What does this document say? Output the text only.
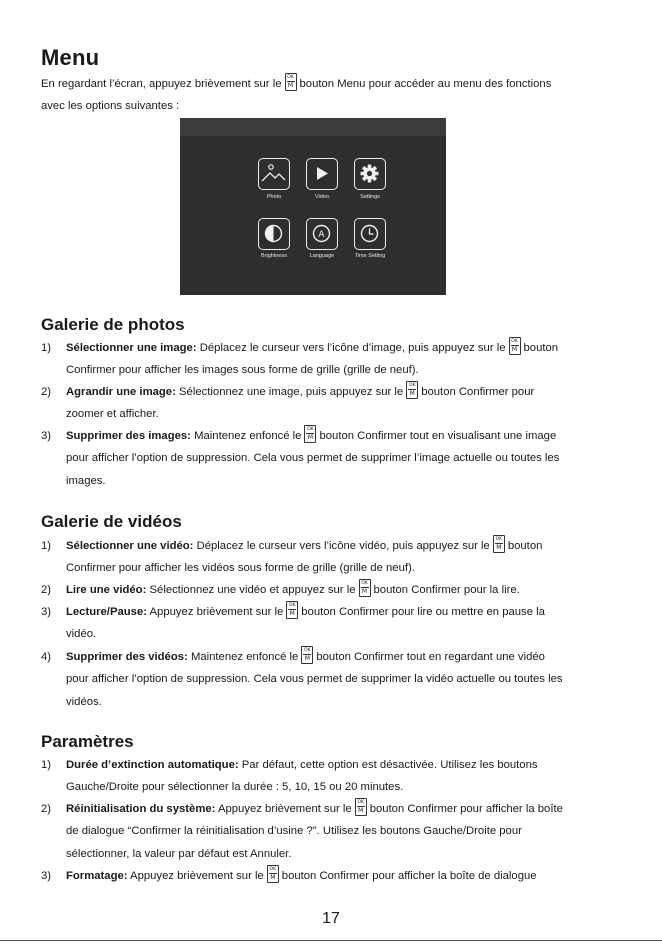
Menu
En regardant l’écran, appuyez brièvement sur le OK M bouton Menu pour accéder au menu des fonctions
avec les options suivantes :
Photo	Video	Settings
Brightness
A
Language	Time Setting
Galerie de photos
1) Sélectionner une image: Déplacez le curseur vers l’icône d’image, puis appuyez sur le OK M bouton
Confirmer pour afficher les images sous forme de grille (grille de neuf).
2) Agrandir une image: Sélectionnez une image, puis appuyez sur le OK M bouton Confirmer pour
zoomer et afficher.
3) Supprimer des images: Maintenez enfoncé le OK M bouton Confirmer tout en visualisant une image
pour afficher l’option de suppression. Cela vous permet de supprimer l’image actuelle ou toutes les
images.
Galerie de vidéos
1) Sélectionner une vidéo: Déplacez le curseur vers l’icône vidéo, puis appuyez sur le OK M bouton
Confirmer pour afficher les vidéos sous forme de grille (grille de neuf).
2) Lire une vidéo: Sélectionnez une vidéo et appuyez sur le OK M bouton Confirmer pour la lire.
3) Lecture/Pause: Appuyez brièvement sur le OK M bouton Confirmer pour lire ou mettre en pause la
vidéo.
4) Supprimer des vidéos: Maintenez enfoncé le OK M bouton Confirmer tout en regardant une vidéo
pour afficher l’option de suppression. Cela vous permet de supprimer la vidéo actuelle ou toutes les
vidéos.
Paramètres
1) Durée d’extinction automatique: Par défaut, cette option est désactivée. Utilisez les boutons
Gauche/Droite pour sélectionner la durée : 5, 10, 15 ou 20 minutes.
2) Réinitialisation du système: Appuyez brièvement sur le OK M bouton Confirmer pour afficher la boîte
de dialogue “Confirmer la réinitialisation d’usine ?”. Utilisez les boutons Gauche/Droite pour
sélectionner, la valeur par défaut est Annuler.
3) Formatage: Appuyez brièvement sur le OK M bouton Confirmer pour afficher la boîte de dialogue
17
